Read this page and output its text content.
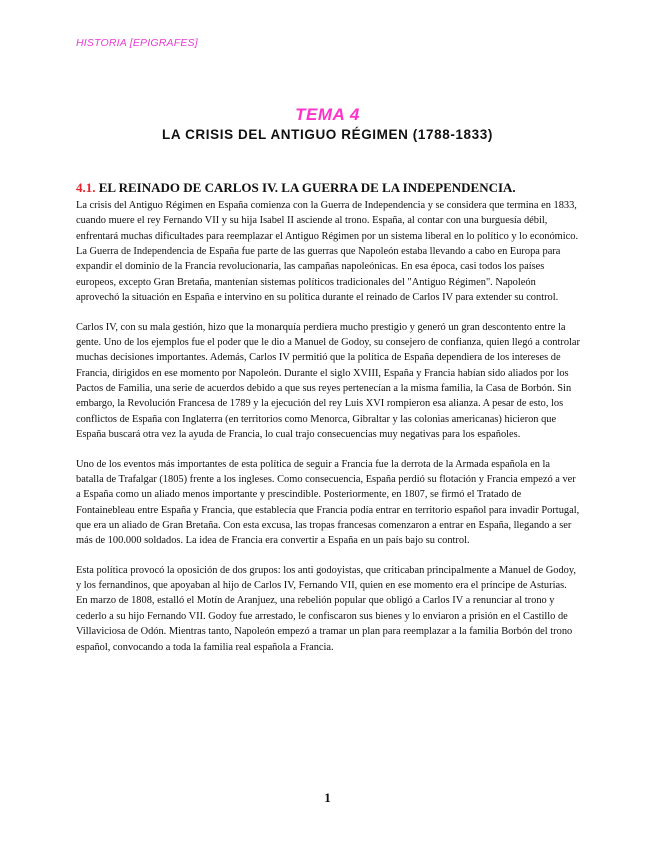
HISTORIA [EPIGRAFES]
TEMA 4
LA CRISIS DEL ANTIGUO RÉGIMEN (1788-1833)
4.1. EL REINADO DE CARLOS IV. LA GUERRA DE LA INDEPENDENCIA.

La crisis del Antiguo Régimen en España comienza con la Guerra de Independencia y se considera que termina en 1833, cuando muere el rey Fernando VII y su hija Isabel II asciende al trono. España, al contar con una burguesía débil, enfrentará muchas dificultades para reemplazar el Antiguo Régimen por un sistema liberal en lo político y lo económico.

La Guerra de Independencia de España fue parte de las guerras que Napoleón estaba llevando a cabo en Europa para expandir el dominio de la Francia revolucionaria, las campañas napoleónicas. En esa época, casi todos los países europeos, excepto Gran Bretaña, mantenían sistemas políticos tradicionales del "Antiguo Régimen". Napoleón aprovechó la situación en España e intervino en su política durante el reinado de Carlos IV para extender su control.

Carlos IV, con su mala gestión, hizo que la monarquía perdiera mucho prestigio y generó un gran descontento entre la gente. Uno de los ejemplos fue el poder que le dio a Manuel de Godoy, su consejero de confianza, quien llegó a controlar muchas decisiones importantes. Además, Carlos IV permitió que la política de España dependiera de los intereses de Francia, dirigidos en ese momento por Napoleón. Durante el siglo XVIII, España y Francia habían sido aliados por los Pactos de Familia, una serie de acuerdos debido a que sus reyes pertenecían a la misma familia, la Casa de Borbón. Sin embargo, la Revolución Francesa de 1789 y la ejecución del rey Luis XVI rompieron esa alianza. A pesar de esto, los conflictos de España con Inglaterra (en territorios como Menorca, Gibraltar y las colonias americanas) hicieron que España buscará otra vez la ayuda de Francia, lo cual trajo consecuencias muy negativas para los españoles.

Uno de los eventos más importantes de esta política de seguir a Francia fue la derrota de la Armada española en la batalla de Trafalgar (1805) frente a los ingleses. Como consecuencia, España perdió su flotación y Francia empezó a ver a España como un aliado menos importante y prescindible. Posteriormente, en 1807, se firmó el Tratado de Fontainebleau entre España y Francia, que establecía que Francia podía entrar en territorio español para invadir Portugal, que era un aliado de Gran Bretaña. Con esta excusa, las tropas francesas comenzaron a entrar en España, llegando a ser más de 100.000 soldados. La idea de Francia era convertir a España en un país bajo su control.

Esta política provocó la oposición de dos grupos: los anti godoyistas, que criticaban principalmente a Manuel de Godoy, y los fernandinos, que apoyaban al hijo de Carlos IV, Fernando VII, quien en ese momento era el príncipe de Asturias. En marzo de 1808, estalló el Motín de Aranjuez, una rebelión popular que obligó a Carlos IV a renunciar al trono y cederlo a su hijo Fernando VII. Godoy fue arrestado, le confiscaron sus bienes y lo enviaron a prisión en el Castillo de Villaviciosa de Odón. Mientras tanto, Napoleón empezó a tramar un plan para reemplazar a la familia Borbón del trono español, convocando a toda la familia real española a Francia.

1
